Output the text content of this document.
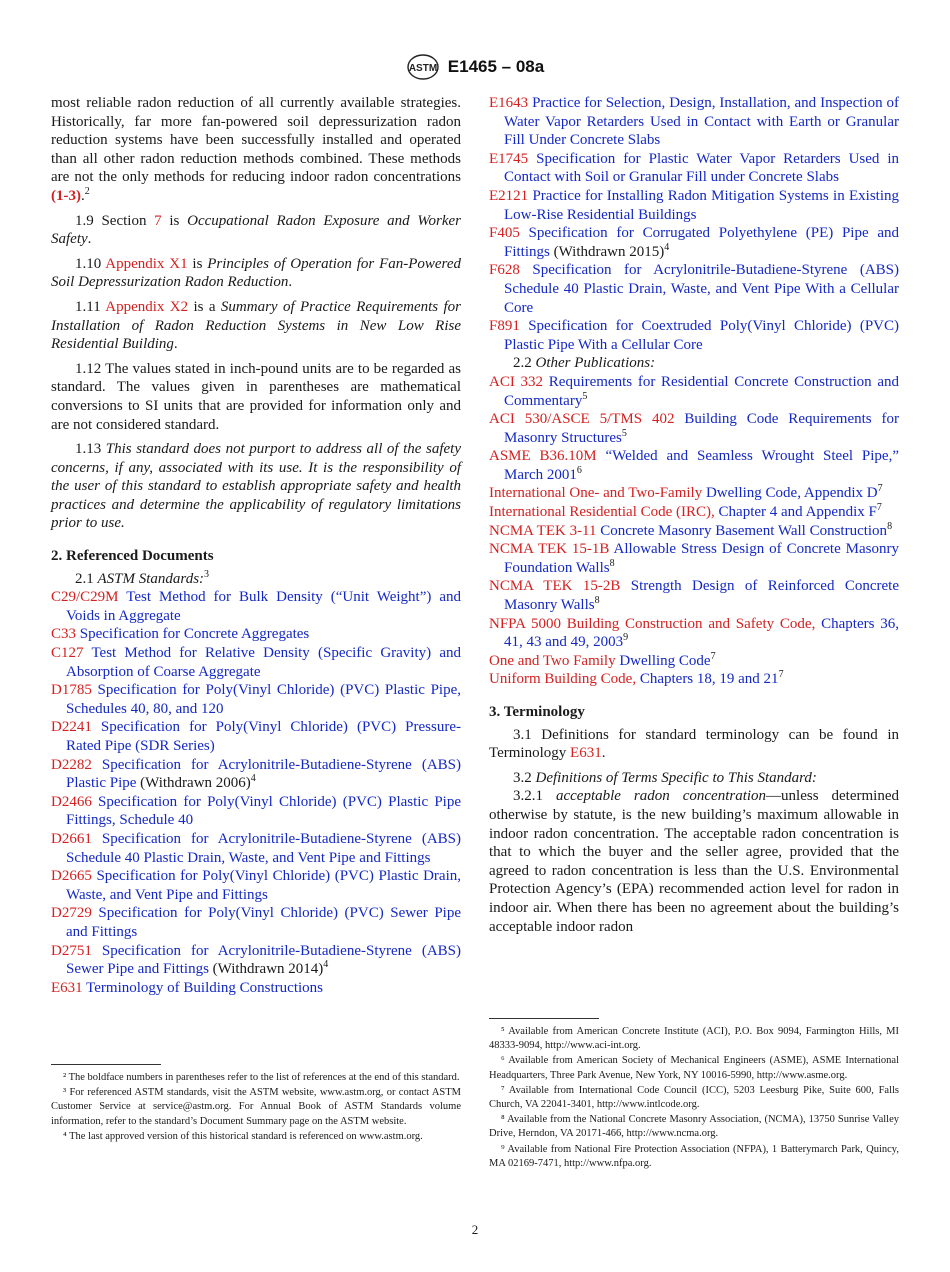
ASTM E1465 – 08a

most reliable radon reduction of all currently available strategies. Historically, far more fan-powered soil depressurization radon reduction systems have been successfully installed and operated than all other radon reduction methods combined. These methods are not the only methods for reducing indoor radon concentrations (1-3).$^2$

1.9 Section 7 is Occupational Radon Exposure and Worker Safety.

1.10 Appendix X1 is Principles of Operation for Fan-Powered Soil Depressurization Radon Reduction.

1.11 Appendix X2 is a Summary of Practice Requirements for Installation of Radon Reduction Systems in New Low Rise Residential Building.

1.12 The values stated in inch-pound units are to be regarded as standard. The values given in parentheses are mathematical conversions to SI units that are provided for information only and are not considered standard.

1.13 This standard does not purport to address all of the safety concerns, if any, associated with its use. It is the responsibility of the user of this standard to establish appropriate safety and health practices and determine the applicability of regulatory limitations prior to use.

2. Referenced Documents

2.1 ASTM Standards:$^3$

C29/C29M Test Method for Bulk Density (“Unit Weight”) and Voids in Aggregate

C33 Specification for Concrete Aggregates

C127 Test Method for Relative Density (Specific Gravity) and Absorption of Coarse Aggregate

D1785 Specification for Poly(Vinyl Chloride) (PVC) Plastic Pipe, Schedules 40, 80, and 120

D2241 Specification for Poly(Vinyl Chloride) (PVC) Pressure-Rated Pipe (SDR Series)

D2282 Specification for Acrylonitrile-Butadiene-Styrene (ABS) Plastic Pipe (Withdrawn 2006)$^4$

D2466 Specification for Poly(Vinyl Chloride) (PVC) Plastic Pipe Fittings, Schedule 40

D2661 Specification for Acrylonitrile-Butadiene-Styrene (ABS) Schedule 40 Plastic Drain, Waste, and Vent Pipe and Fittings

D2665 Specification for Poly(Vinyl Chloride) (PVC) Plastic Drain, Waste, and Vent Pipe and Fittings

D2729 Specification for Poly(Vinyl Chloride) (PVC) Sewer Pipe and Fittings

D2751 Specification for Acrylonitrile-Butadiene-Styrene (ABS) Sewer Pipe and Fittings (Withdrawn 2014)$^4$

E631 Terminology of Building Constructions

² The boldface numbers in parentheses refer to the list of references at the end of this standard.

³ For referenced ASTM standards, visit the ASTM website, www.astm.org, or contact ASTM Customer Service at service@astm.org. For Annual Book of ASTM Standards volume information, refer to the standard’s Document Summary page on the ASTM website.

⁴ The last approved version of this historical standard is referenced on www.astm.org.

E1643 Practice for Selection, Design, Installation, and Inspection of Water Vapor Retarders Used in Contact with Earth or Granular Fill Under Concrete Slabs

E1745 Specification for Plastic Water Vapor Retarders Used in Contact with Soil or Granular Fill under Concrete Slabs

E2121 Practice for Installing Radon Mitigation Systems in Existing Low-Rise Residential Buildings

F405 Specification for Corrugated Polyethylene (PE) Pipe and Fittings (Withdrawn 2015)$^4$

F628 Specification for Acrylonitrile-Butadiene-Styrene (ABS) Schedule 40 Plastic Drain, Waste, and Vent Pipe With a Cellular Core

F891 Specification for Coextruded Poly(Vinyl Chloride) (PVC) Plastic Pipe With a Cellular Core

2.2 Other Publications:

ACI 332 Requirements for Residential Concrete Construction and Commentary$^5$

ACI 530/ASCE 5/TMS 402 Building Code Requirements for Masonry Structures$^5$

ASME B36.10M “Welded and Seamless Wrought Steel Pipe,” March 2001$^6$

International One- and Two-Family Dwelling Code, Appendix $D^7$

International Residential Code (IRC), Chapter 4 and Appendix $F^7$

NCMA TEK 3-11 Concrete Masonry Basement Wall Construction$^8$

NCMA TEK 15-1B Allowable Stress Design of Concrete Masonry Foundation Walls$^8$

NCMA TEK 15-2B Strength Design of Reinforced Concrete Masonry Walls$^8$

NFPA 5000 Building Construction and Safety Code, Chapters 36, 41, 43 and 49, 2003$^9$

One and Two Family Dwelling Code$^7$

Uniform Building Code, Chapters 18, 19 and $21^7$

3. Terminology

3.1 Definitions for standard terminology can be found in Terminology E631.

3.2 Definitions of Terms Specific to This Standard:

3.2.1 acceptable radon concentration—unless determined otherwise by statute, is the new building’s maximum allowable in indoor radon concentration. The acceptable radon concentration is that to which the buyer and the seller agree, provided that the agreed to radon concentration is less than the U.S. Environmental Protection Agency’s (EPA) recommended action level for radon in indoor air. When there has been no agreement about the building’s acceptable indoor radon

⁵ Available from American Concrete Institute (ACI), P.O. Box 9094, Farmington Hills, MI 48333-9094, http://www.aci-int.org.

⁶ Available from American Society of Mechanical Engineers (ASME), ASME International Headquarters, Three Park Avenue, New York, NY 10016-5990, http://www.asme.org.

⁷ Available from International Code Council (ICC), 5203 Leesburg Pike, Suite 600, Falls Church, VA 22041-3401, http://www.intlcode.org.

⁸ Available from the National Concrete Masonry Association, (NCMA), 13750 Sunrise Valley Drive, Herndon, VA 20171-466, http://www.ncma.org.

⁹ Available from National Fire Protection Association (NFPA), 1 Batterymarch Park, Quincy, MA 02169-7471, http://www.nfpa.org.

2
